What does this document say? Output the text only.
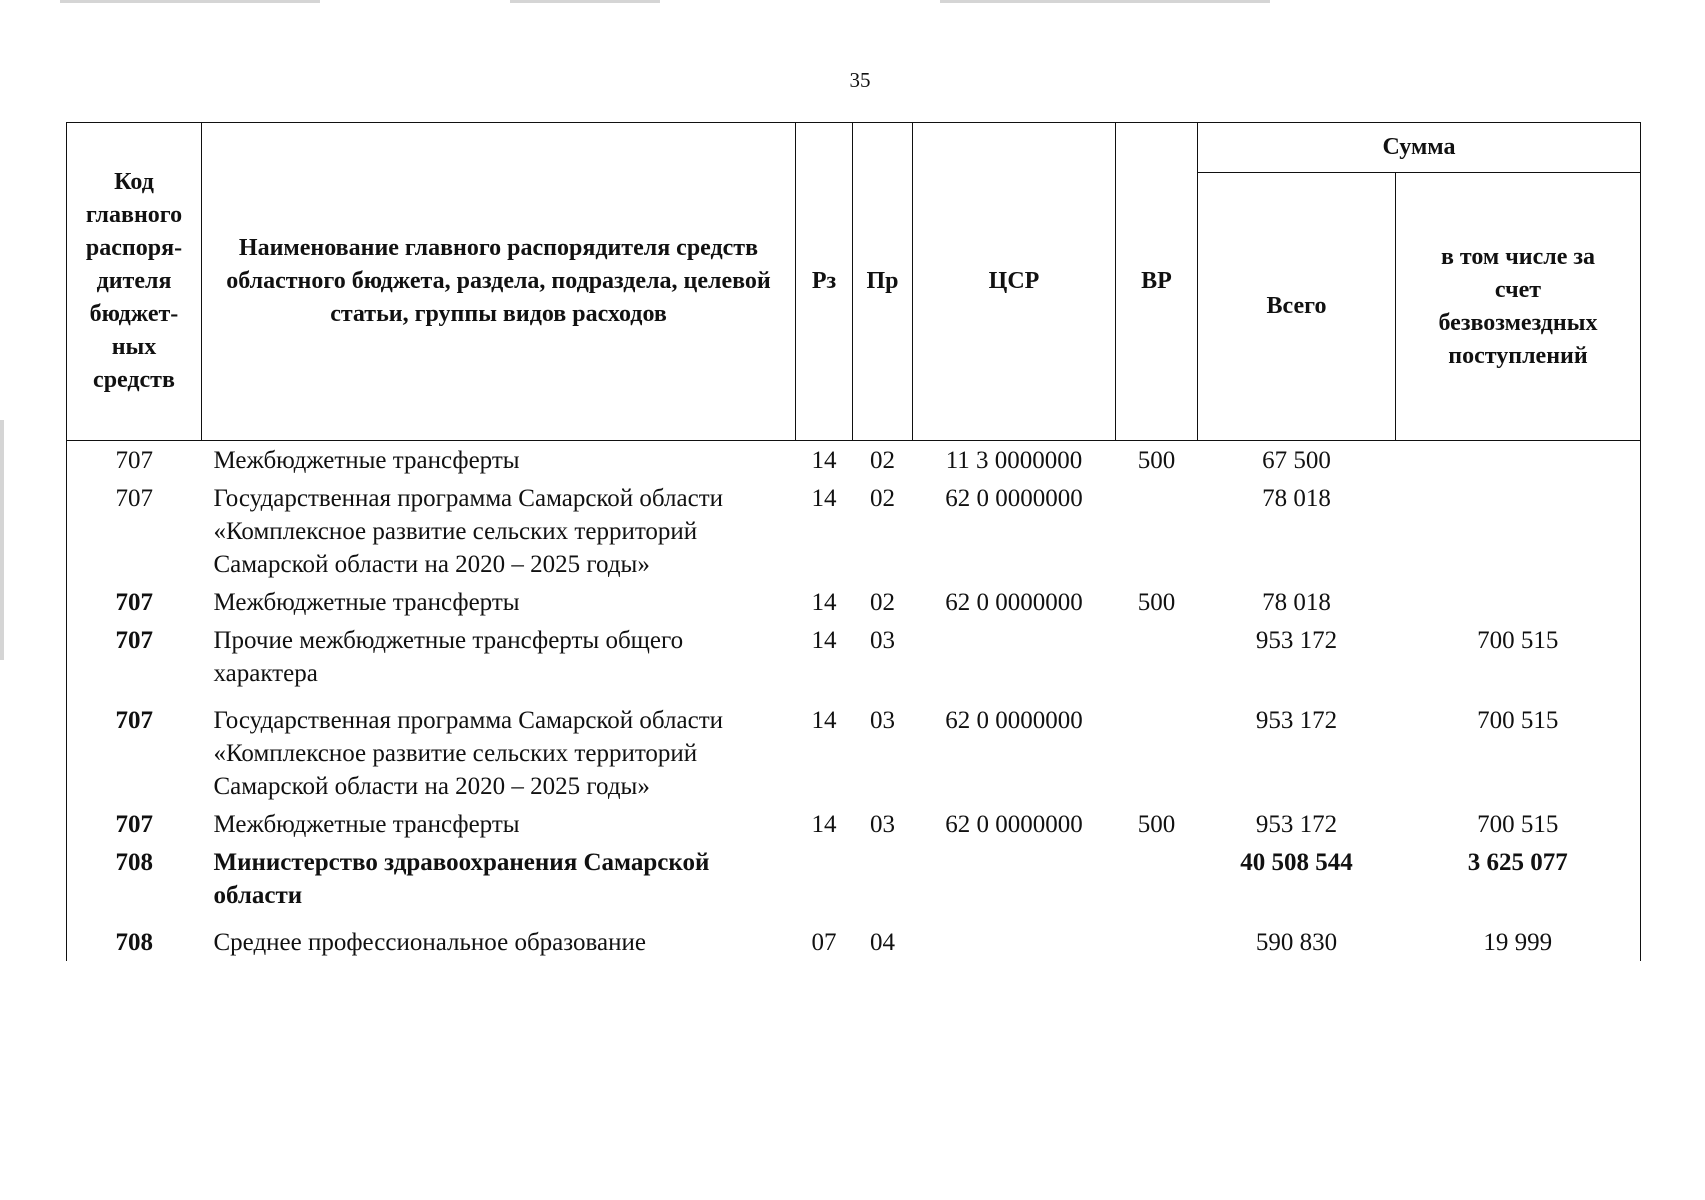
35
Код главного распоря-дителя бюджет-ных средств	Наименование главного распорядителя средств областного бюджета, раздела, подраздела, целевой статьи, группы видов расходов	Рз	Пр	ЦСР	ВР	Сумма	
						Всего	в том числе за счет безвозмездных поступлений

707	Межбюджетные трансферты	14	02	11 3 0000000	500	67 500	
707	Государственная программа Самарской области «Комплексное развитие сельских территорий Самарской области на 2020 – 2025 годы»	14	02	62 0 0000000		78 018	
707	Межбюджетные трансферты	14	02	62 0 0000000	500	78 018	
707	Прочие межбюджетные трансферты общего характера	14	03			953 172	700 515
707	Государственная программа Самарской области «Комплексное развитие сельских территорий Самарской области на 2020 – 2025 годы»	14	03	62 0 0000000		953 172	700 515
707	Межбюджетные трансферты	14	03	62 0 0000000	500	953 172	700 515
708	Министерство здравоохранения Самарской области					40 508 544	3 625 077
708	Среднее профессиональное образование	07	04			590 830	19 999
